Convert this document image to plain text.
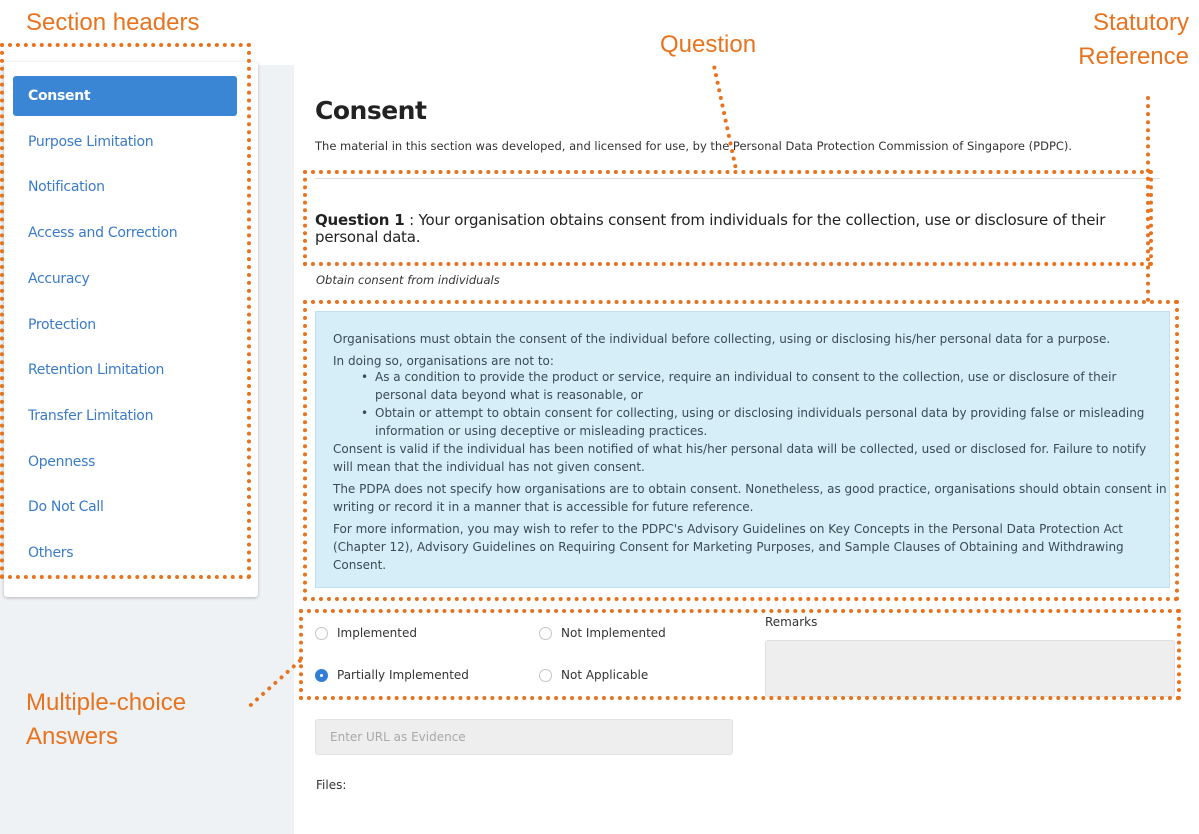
Consent
Purpose Limitation
Notification
Access and Correction
Accuracy
Protection
Retention Limitation
Transfer Limitation
Openness
Do Not Call
Others
Consent
The material in this section was developed, and licensed for use, by the Personal Data Protection Commission of Singapore (PDPC).
Question 1 : Your organisation obtains consent from individuals for the collection, use or disclosure of their personal data.
Obtain consent from individuals

Organisations must obtain the consent of the individual before collecting, using or disclosing his/her personal data for a purpose.

In doing so, organisations are not to:

• As a condition to provide the product or service, require an individual to consent to the collection, use or disclosure of their personal data beyond what is reasonable, or
• Obtain or attempt to obtain consent for collecting, using or disclosing individuals personal data by providing false or misleading information or using deceptive or misleading practices.

Consent is valid if the individual has been notified of what his/her personal data will be collected, used or disclosed for. Failure to notify will mean that the individual has not given consent.

The PDPA does not specify how organisations are to obtain consent. Nonetheless, as good practice, organisations should obtain consent in writing or record it in a manner that is accessible for future reference.

For more information, you may wish to refer to the PDPC's Advisory Guidelines on Key Concepts in the Personal Data Protection Act (Chapter 12), Advisory Guidelines on Requiring Consent for Marketing Purposes, and Sample Clauses of Obtaining and Withdrawing Consent.

Implemented	Not Implemented
Partially Implemented	Not Applicable
Remarks
Enter URL as Evidence
Files:
Section headers
Question
Statutory
Reference
Multiple-choice
Answers
